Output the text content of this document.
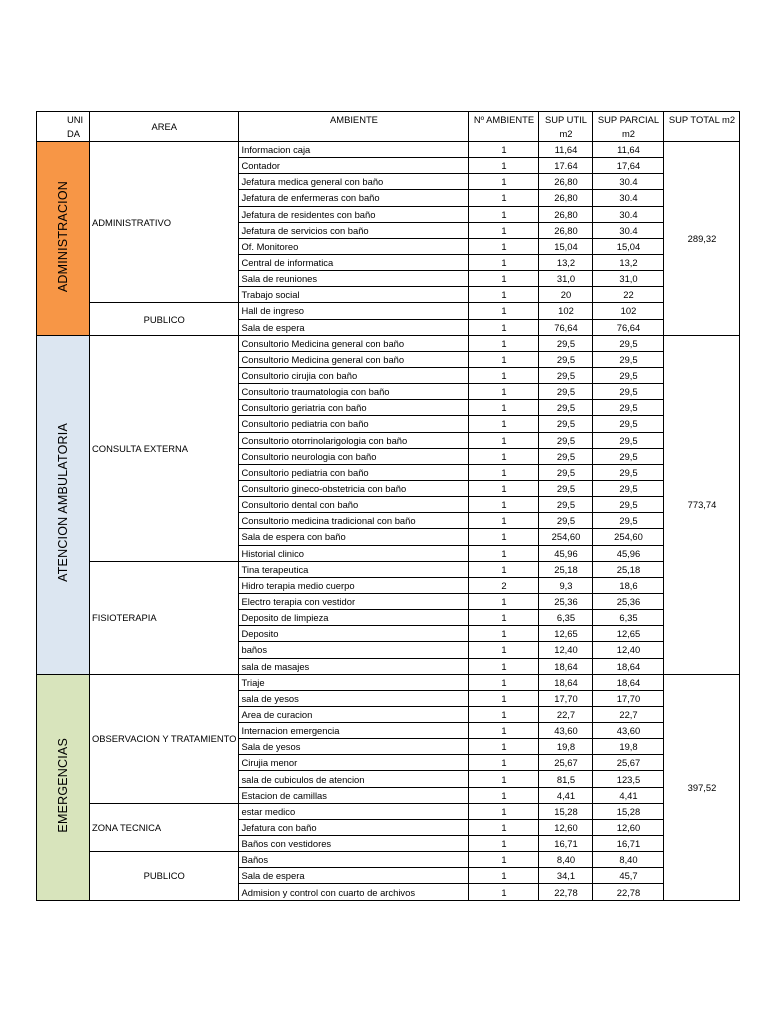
UNI DA	AREA	AMBIENTE	Nº AMBIENTE	SUP UTIL m2	SUP PARCIAL m2	SUP TOTAL m2
ADMINISTRACION	ADMINISTRATIVO	Informacion caja	1	11,64	11,64	289,32
		Contador	1	17.64	17,64	
		Jefatura medica general con baño	1	26,80	30.4	
		Jefatura de enfermeras con baño	1	26,80	30.4	
		Jefatura de residentes con baño	1	26,80	30.4	
		Jefatura de servicios con baño	1	26,80	30.4	
		Of. Monitoreo	1	15,04	15,04	
		Central de informatica	1	13,2	13,2	
		Sala de reuniones	1	31,0	31,0	
		Trabajo social	1	20	22	
	PUBLICO	Hall de ingreso	1	102	102	
		Sala de espera	1	76,64	76,64	
ATENCION AMBULATORIA	CONSULTA EXTERNA	Consultorio Medicina general con baño	1	29,5	29,5	773,74
		Consultorio Medicina general con baño	1	29,5	29,5	
		Consultorio cirujia con baño	1	29,5	29,5	
		Consultorio traumatologia con baño	1	29,5	29,5	
		Consultorio geriatria con baño	1	29,5	29,5	
		Consultorio pediatria con baño	1	29,5	29,5	
		Consultorio otorrinolarigologia con baño	1	29,5	29,5	
		Consultorio neurologia con baño	1	29,5	29,5	
		Consultorio pediatria con baño	1	29,5	29,5	
		Consultorio gineco-obstetricia con baño	1	29,5	29,5	
		Consultorio dental con baño	1	29,5	29,5	
		Consultorio medicina tradicional con baño	1	29,5	29,5	
		Sala de espera con baño	1	254,60	254,60	
		Historial clinico	1	45,96	45,96	
	FISIOTERAPIA	Tina terapeutica	1	25,18	25,18	
		Hidro terapia medio cuerpo	2	9,3	18,6	
		Electro terapia con vestidor	1	25,36	25,36	
		Deposito de limpieza	1	6,35	6,35	
		Deposito	1	12,65	12,65	
		baños	1	12,40	12,40	
		sala de masajes	1	18,64	18,64	
EMERGENCIAS	OBSERVACION Y TRATAMIENTO	Triaje	1	18,64	18,64	397,52
		sala de yesos	1	17,70	17,70	
		Area de curacion	1	22,7	22,7	
		Internacion emergencia	1	43,60	43,60	
		Sala de yesos	1	19,8	19,8	
		Cirujia menor	1	25,67	25,67	
		sala de cubiculos de atencion	1	81,5	123,5	
		Estacion de camillas	1	4,41	4,41	
	ZONA TECNICA	estar medico	1	15,28	15,28	
		Jefatura con baño	1	12,60	12,60	
		Baños con vestidores	1	16,71	16,71	
	PUBLICO	Baños	1	8,40	8,40	
		Sala de espera	1	34,1	45,7	
		Admision y control con cuarto de archivos	1	22,78	22,78	
